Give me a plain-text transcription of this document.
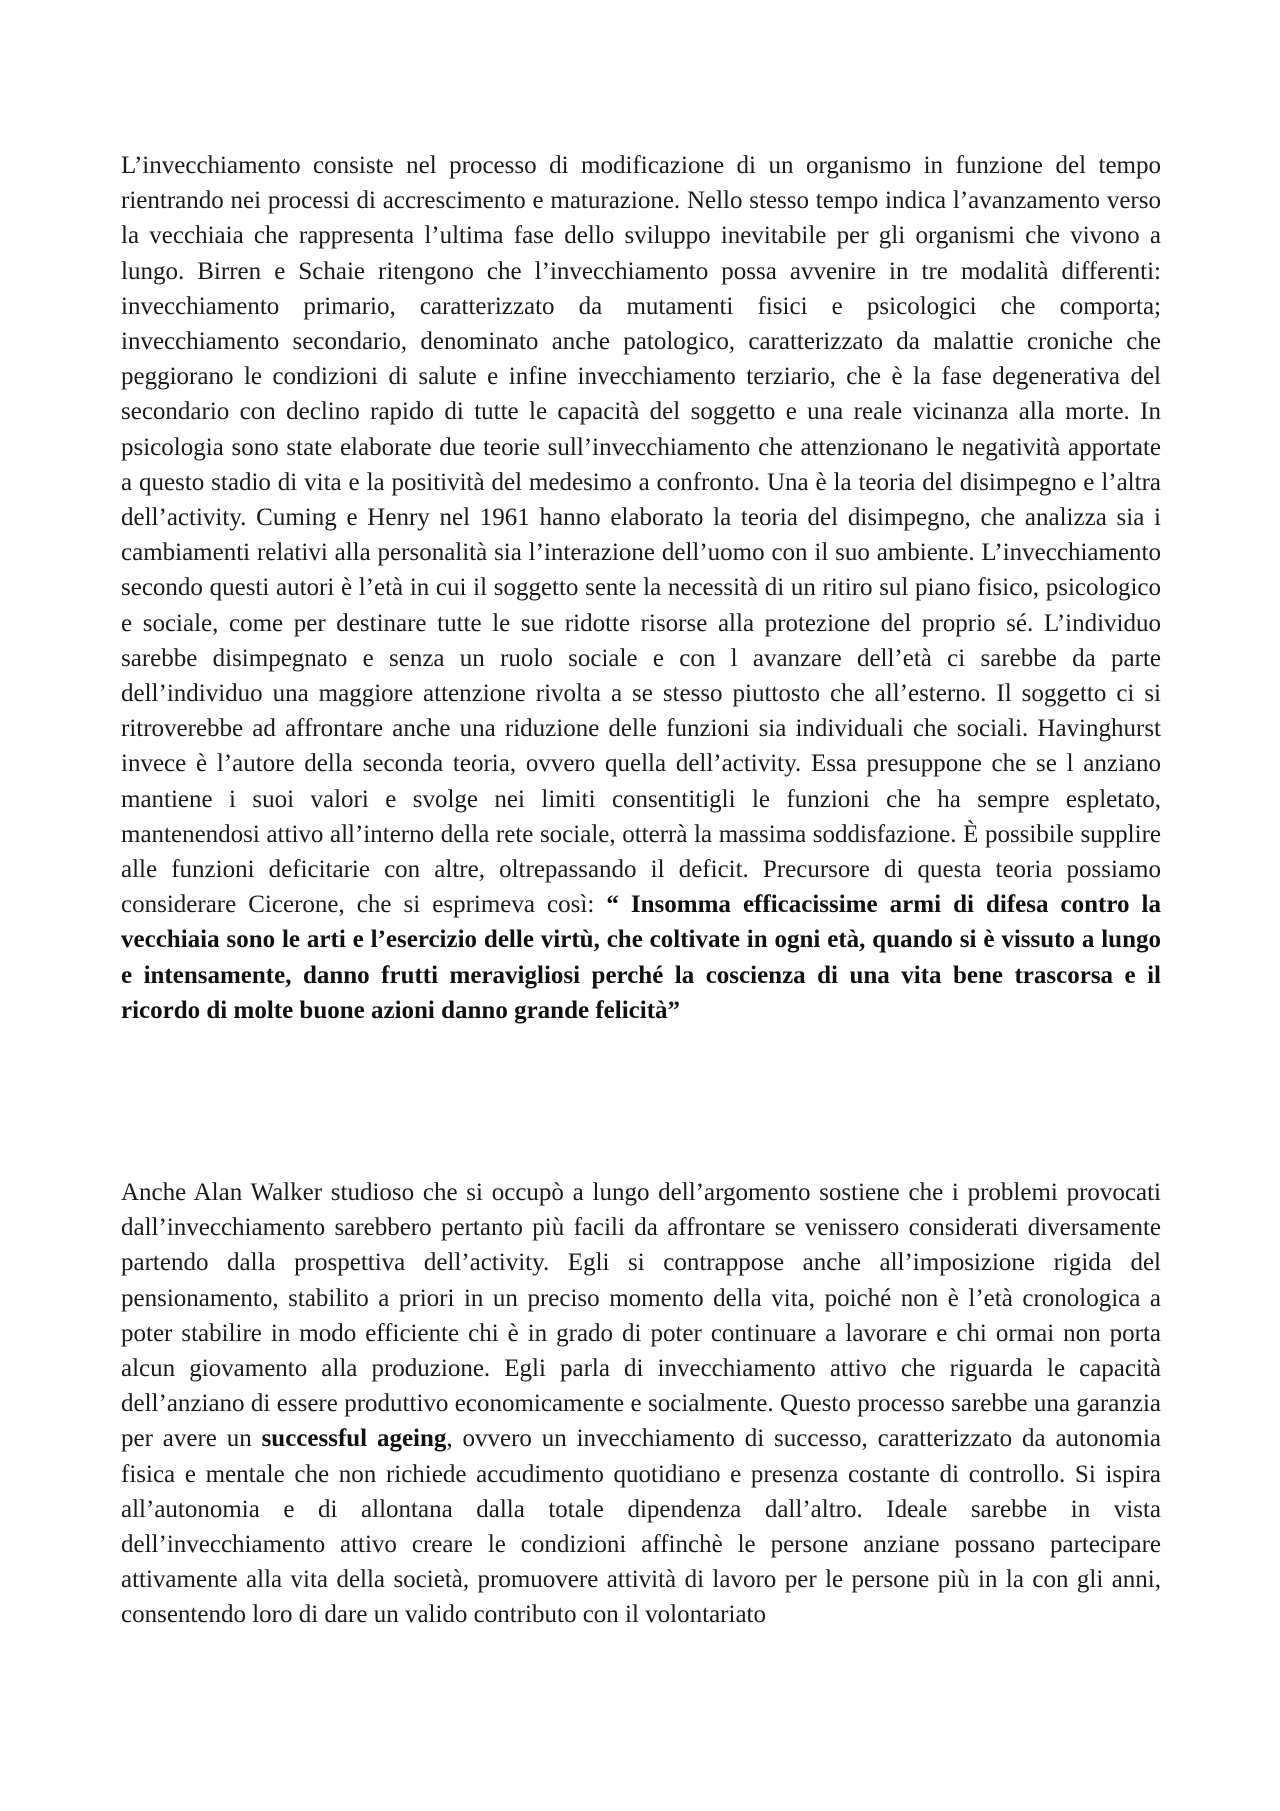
L’invecchiamento consiste nel processo di modificazione di un organismo in funzione del tempo rientrando nei processi di accrescimento e maturazione. Nello stesso tempo indica l’avanzamento verso la vecchiaia che rappresenta l’ultima fase dello sviluppo inevitabile per gli organismi che vivono a lungo. Birren e Schaie ritengono che l’invecchiamento possa avvenire in tre modalità differenti: invecchiamento primario, caratterizzato da mutamenti fisici e psicologici che comporta; invecchiamento secondario, denominato anche patologico, caratterizzato da malattie croniche che peggiorano le condizioni di salute e infine invecchiamento terziario, che è la fase degenerativa del secondario con declino rapido di tutte le capacità del soggetto e una reale vicinanza alla morte. In psicologia sono state elaborate due teorie sull’invecchiamento che attenzionano le negatività apportate a questo stadio di vita e la positività del medesimo a confronto. Una è la teoria del disimpegno e l’altra dell’activity. Cuming e Henry nel 1961 hanno elaborato la teoria del disimpegno, che analizza sia i cambiamenti relativi alla personalità sia l’interazione dell’uomo con il suo ambiente. L’invecchiamento secondo questi autori è l’età in cui il soggetto sente la necessità di un ritiro sul piano fisico, psicologico e sociale, come per destinare tutte le sue ridotte risorse alla protezione del proprio sé. L’individuo sarebbe disimpegnato e senza un ruolo sociale e con l avanzare dell’età ci sarebbe da parte dell’individuo una maggiore attenzione rivolta a se stesso piuttosto che all’esterno. Il soggetto ci si ritroverebbe ad affrontare anche una riduzione delle funzioni sia individuali che sociali. Havinghurst invece è l’autore della seconda teoria, ovvero quella dell’activity. Essa presuppone che se l anziano mantiene i suoi valori e svolge nei limiti consentitigli le funzioni che ha sempre espletato, mantenendosi attivo all’interno della rete sociale, otterrà la massima soddisfazione. È possibile supplire alle funzioni deficitarie con altre, oltrepassando il deficit. Precursore di questa teoria possiamo considerare Cicerone, che si esprimeva così: “ Insomma efficacissime armi di difesa contro la vecchiaia sono le arti e l’esercizio delle virtù, che coltivate in ogni età, quando si è vissuto a lungo e intensamente, danno frutti meravigliosi perché la coscienza di una vita bene trascorsa e il ricordo di molte buone azioni danno grande felicità”

Anche Alan Walker studioso che si occupò a lungo dell’argomento sostiene che i problemi provocati dall’invecchiamento sarebbero pertanto più facili da affrontare se venissero considerati diversamente partendo dalla prospettiva dell’activity. Egli si contrappose anche all’imposizione rigida del pensionamento, stabilito a priori in un preciso momento della vita, poiché non è l’età cronologica a poter stabilire in modo efficiente chi è in grado di poter continuare a lavorare e chi ormai non porta alcun giovamento alla produzione. Egli parla di invecchiamento attivo che riguarda le capacità dell’anziano di essere produttivo economicamente e socialmente. Questo processo sarebbe una garanzia per avere un successful ageing, ovvero un invecchiamento di successo, caratterizzato da autonomia fisica e mentale che non richiede accudimento quotidiano e presenza costante di controllo. Si ispira all’autonomia e di allontana dalla totale dipendenza dall’altro. Ideale sarebbe in vista dell’invecchiamento attivo creare le condizioni affinchè le persone anziane possano partecipare attivamente alla vita della società, promuovere attività di lavoro per le persone più in la con gli anni, consentendo loro di dare un valido contributo con il volontariato
